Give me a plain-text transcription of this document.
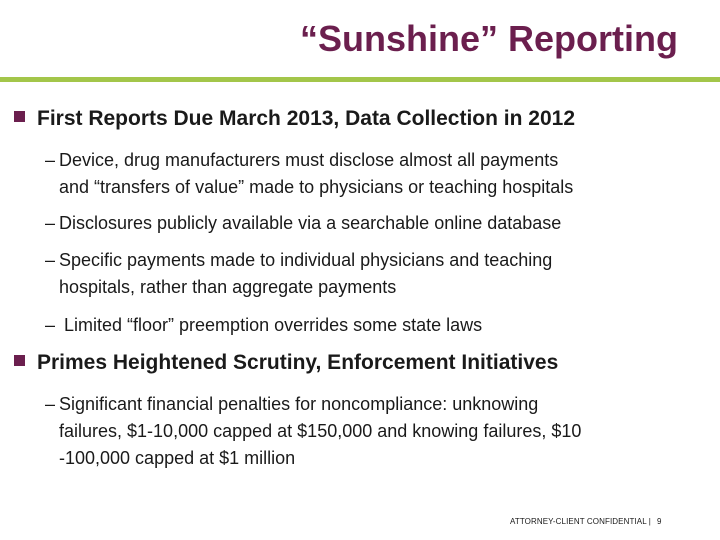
“Sunshine” Reporting
First Reports Due March 2013, Data Collection in 2012
– Device, drug manufacturers must disclose almost all payments
and “transfers of value” made to physicians or teaching hospitals
– Disclosures publicly available via a searchable online database
– Specific payments made to individual physicians and teaching
hospitals, rather than aggregate payments
– Limited “floor” preemption overrides some state laws
Primes Heightened Scrutiny, Enforcement Initiatives
– Significant financial penalties for noncompliance: unknowing
failures, $1-10,000 capped at $150,000 and knowing failures, $10
-100,000 capped at $1 million
ATTORNEY-CLIENT CONFIDENTIAL | 9
